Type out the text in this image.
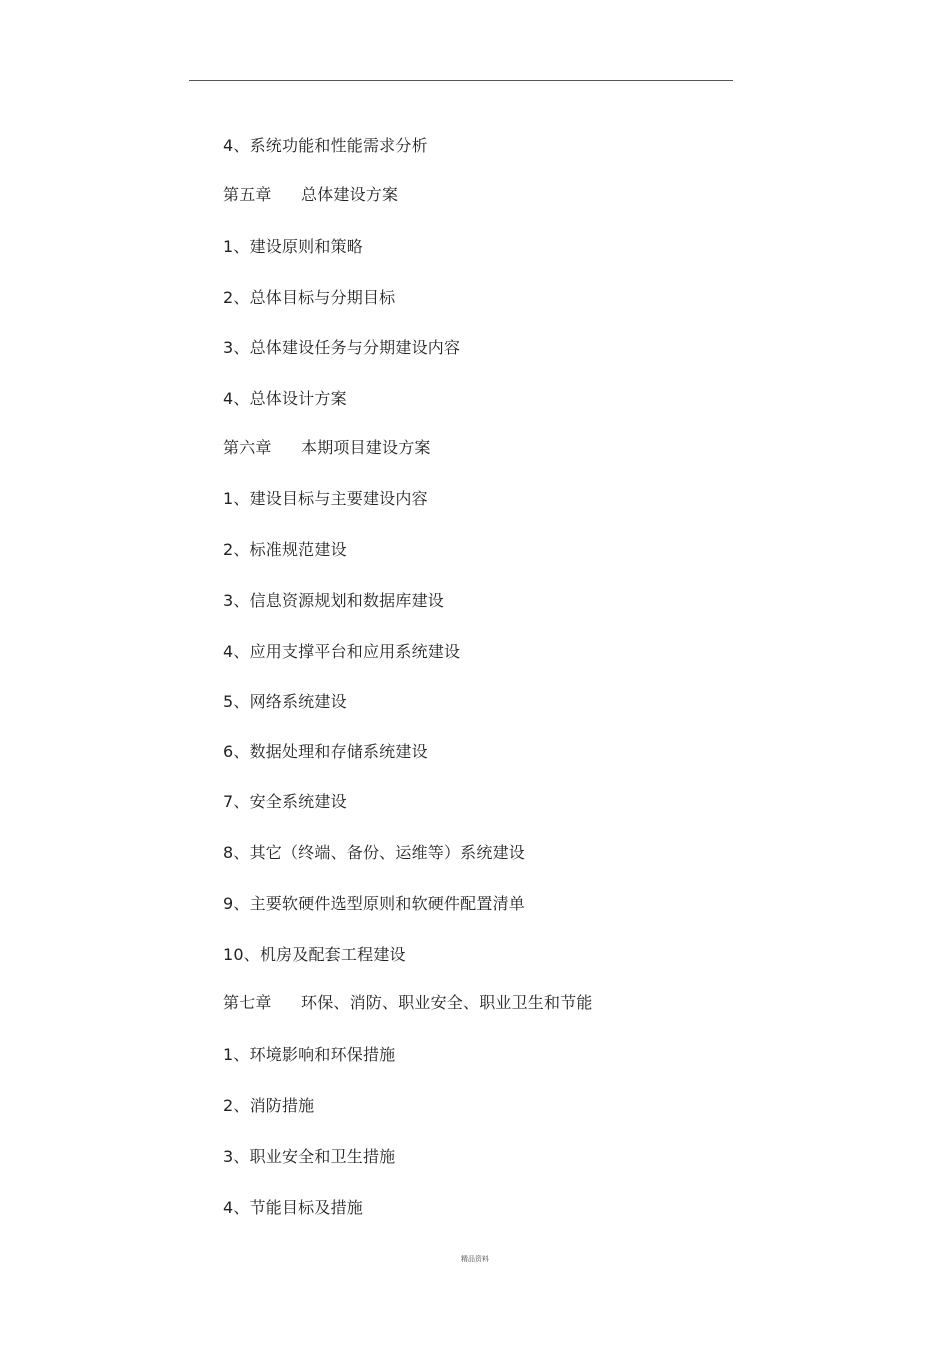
4、系统功能和性能需求分析
第五章 总体建设方案
1、建设原则和策略
2、总体目标与分期目标
3、总体建设任务与分期建设内容
4、总体设计方案
第六章 本期项目建设方案
1、建设目标与主要建设内容
2、标准规范建设
3、信息资源规划和数据库建设
4、应用支撑平台和应用系统建设
5、网络系统建设
6、数据处理和存储系统建设
7、安全系统建设
8、其它（终端、备份、运维等）系统建设
9、主要软硬件选型原则和软硬件配置清单
10、机房及配套工程建设
第七章 环保、消防、职业安全、职业卫生和节能
1、环境影响和环保措施
2、消防措施
3、职业安全和卫生措施
4、节能目标及措施
精品资料
